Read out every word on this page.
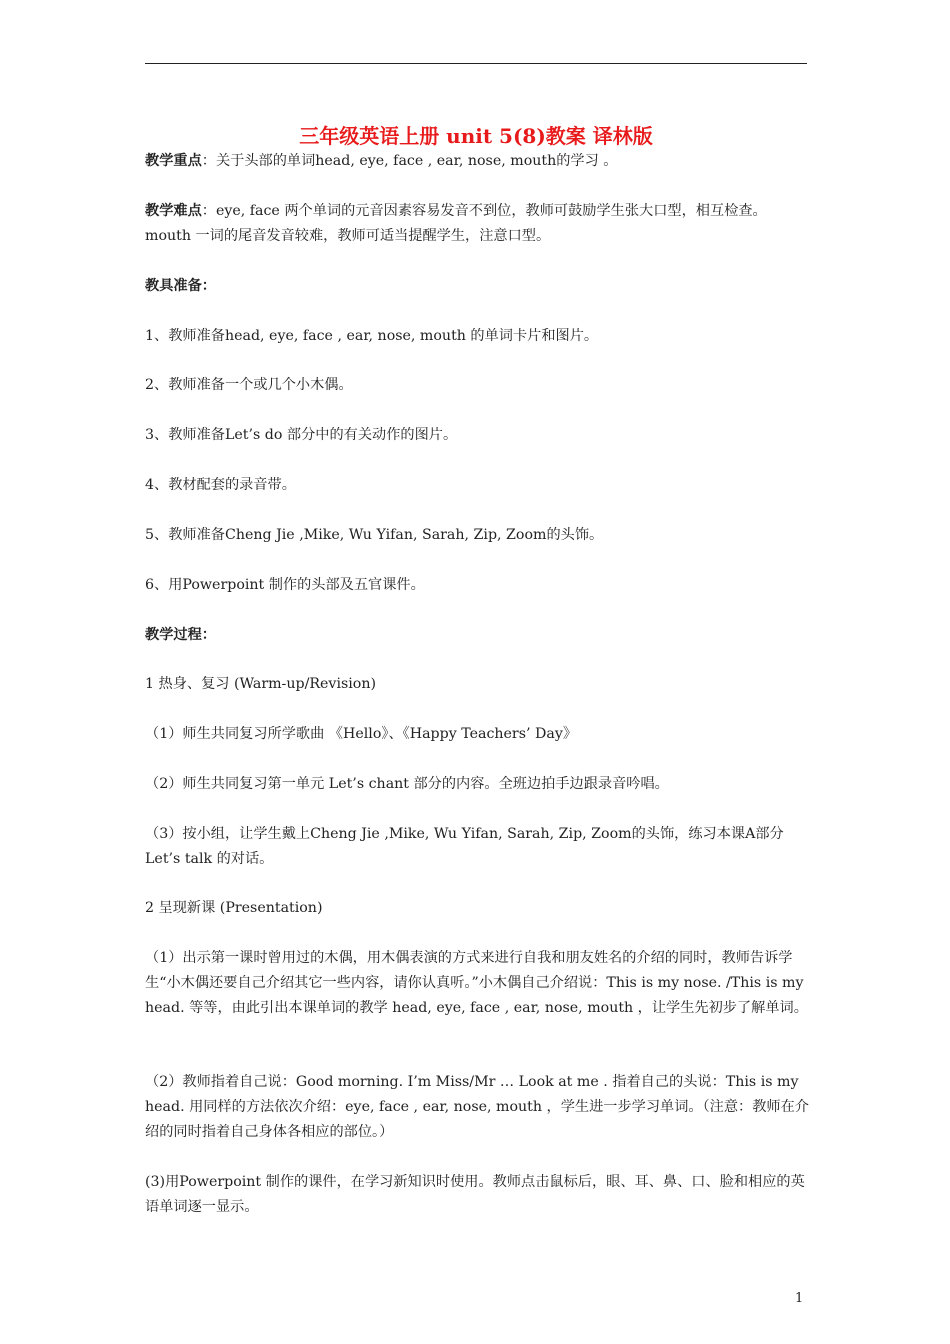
三年级英语上册 unit 5(8)教案 译林版
教学重点：关于头部的单词head, eye, face , ear, nose, mouth的学习 。
教学难点：eye, face 两个单词的元音因素容易发音不到位，教师可鼓励学生张大口型，相互检查。mouth 一词的尾音发音较难，教师可适当提醒学生，注意口型。
教具准备：
1、教师准备head, eye, face , ear, nose, mouth 的单词卡片和图片。
2、教师准备一个或几个小木偶。
3、教师准备Let’s do 部分中的有关动作的图片。
4、教材配套的录音带。
5、教师准备Cheng Jie ,Mike, Wu Yifan, Sarah, Zip, Zoom的头饰。
6、用Powerpoint 制作的头部及五官课件。
教学过程：
1 热身、复习 (Warm-up/Revision)
（1）师生共同复习所学歌曲 《Hello》、《Happy Teachers’ Day》
（2）师生共同复习第一单元 Let’s chant 部分的内容。全班边拍手边跟录音吟唱。
（3）按小组，让学生戴上Cheng Jie ,Mike, Wu Yifan, Sarah, Zip, Zoom的头饰，练习本课A部分Let’s talk 的对话。
2 呈现新课 (Presentation)
（1）出示第一课时曾用过的木偶，用木偶表演的方式来进行自我和朋友姓名的介绍的同时，教师告诉学生“小木偶还要自己介绍其它一些内容，请你认真听。”小木偶自己介绍说：This is my nose. /This is my head. 等等，由此引出本课单词的教学 head, eye, face , ear, nose, mouth ，让学生先初步了解单词。
（2）教师指着自己说：Good morning. I’m Miss/Mr … Look at me . 指着自己的头说：This is my head. 用同样的方法依次介绍：eye, face , ear, nose, mouth ，学生进一步学习单词。（注意：教师在介绍的同时指着自己身体各相应的部位。）
(3)用Powerpoint 制作的课件，在学习新知识时使用。教师点击鼠标后，眼、耳、鼻、口、脸和相应的英语单词逐一显示。
1
